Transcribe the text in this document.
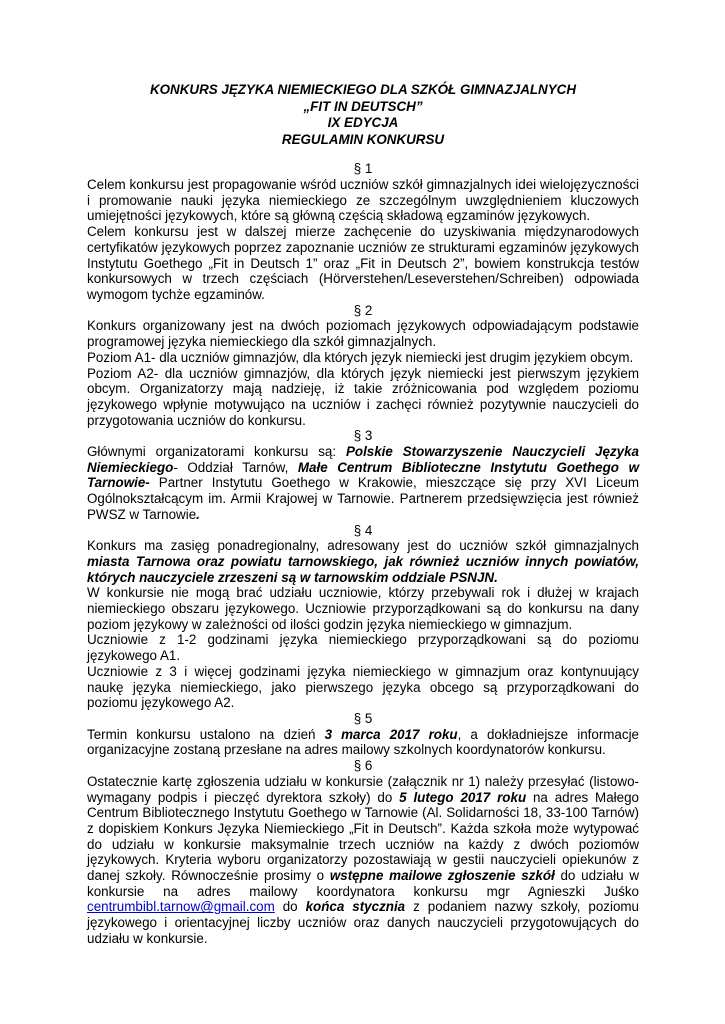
KONKURS JĘZYKA NIEMIECKIEGO DLA SZKÓŁ GIMNAZJALNYCH
„FIT IN DEUTSCH”
IX EDYCJA
REGULAMIN KONKURSU
§ 1

Celem konkursu jest propagowanie wśród uczniów szkół gimnazjalnych idei wielojęzyczności i promowanie nauki języka niemieckiego ze szczególnym uwzględnieniem kluczowych umiejętności językowych, które są główną częścią składową egzaminów językowych.

Celem konkursu jest w dalszej mierze zachęcenie do uzyskiwania międzynarodowych certyfikatów językowych poprzez zapoznanie uczniów ze strukturami egzaminów językowych Instytutu Goethego „Fit in Deutsch 1” oraz „Fit in Deutsch 2”, bowiem konstrukcja testów konkursowych w trzech częściach (Hörverstehen/Leseverstehen/Schreiben) odpowiada wymogom tychże egzaminów.

§ 2

Konkurs organizowany jest na dwóch poziomach językowych odpowiadającym podstawie programowej języka niemieckiego dla szkół gimnazjalnych.

Poziom A1- dla uczniów gimnazjów, dla których język niemiecki jest drugim językiem obcym.

Poziom A2- dla uczniów gimnazjów, dla których język niemiecki jest pierwszym językiem obcym. Organizatorzy mają nadzieję, iż takie zróżnicowania pod względem poziomu językowego wpłynie motywująco na uczniów i zachęci również pozytywnie nauczycieli do przygotowania uczniów do konkursu.

§ 3

Głównymi organizatorami konkursu są: Polskie Stowarzyszenie Nauczycieli Języka Niemieckiego- Oddział Tarnów, Małe Centrum Biblioteczne Instytutu Goethego w Tarnowie- Partner Instytutu Goethego w Krakowie, mieszczące się przy XVI Liceum Ogólnokształcącym im. Armii Krajowej w Tarnowie. Partnerem przedsięwzięcia jest również PWSZ w Tarnowie.

§ 4

Konkurs ma zasięg ponadregionalny, adresowany jest do uczniów szkół gimnazjalnych miasta Tarnowa oraz powiatu tarnowskiego, jak również uczniów innych powiatów, których nauczyciele zrzeszeni są w tarnowskim oddziale PSNJN.

W konkursie nie mogą brać udziału uczniowie, którzy przebywali rok i dłużej w krajach niemieckiego obszaru językowego. Uczniowie przyporządkowani są do konkursu na dany poziom językowy w zależności od ilości godzin języka niemieckiego w gimnazjum.

Uczniowie z 1-2 godzinami języka niemieckiego przyporządkowani są do poziomu językowego A1.

Uczniowie z 3 i więcej godzinami języka niemieckiego w gimnazjum oraz kontynuujący naukę języka niemieckiego, jako pierwszego języka obcego są przyporządkowani do poziomu językowego A2.

§ 5

Termin konkursu ustalono na dzień 3 marca 2017 roku, a dokładniejsze informacje organizacyjne zostaną przesłane na adres mailowy szkolnych koordynatorów konkursu.

§ 6

Ostatecznie kartę zgłoszenia udziału w konkursie (załącznik nr 1) należy przesyłać (listowo-wymagany podpis i pieczęć dyrektora szkoły) do 5 lutego 2017 roku na adres Małego Centrum Bibliotecznego Instytutu Goethego w Tarnowie (Al. Solidarności 18, 33-100 Tarnów) z dopiskiem Konkurs Języka Niemieckiego „Fit in Deutsch”. Każda szkoła może wytypować do udziału w konkursie maksymalnie trzech uczniów na każdy z dwóch poziomów językowych. Kryteria wyboru organizatorzy pozostawiają w gestii nauczycieli opiekunów z danej szkoły. Równocześnie prosimy o wstępne mailowe zgłoszenie szkół do udziału w konkursie na adres mailowy koordynatora konkursu mgr Agnieszki Juśko centrumbibl.tarnow@gmail.com do końca stycznia z podaniem nazwy szkoły, poziomu językowego i orientacyjnej liczby uczniów oraz danych nauczycieli przygotowujących do udziału w konkursie.
